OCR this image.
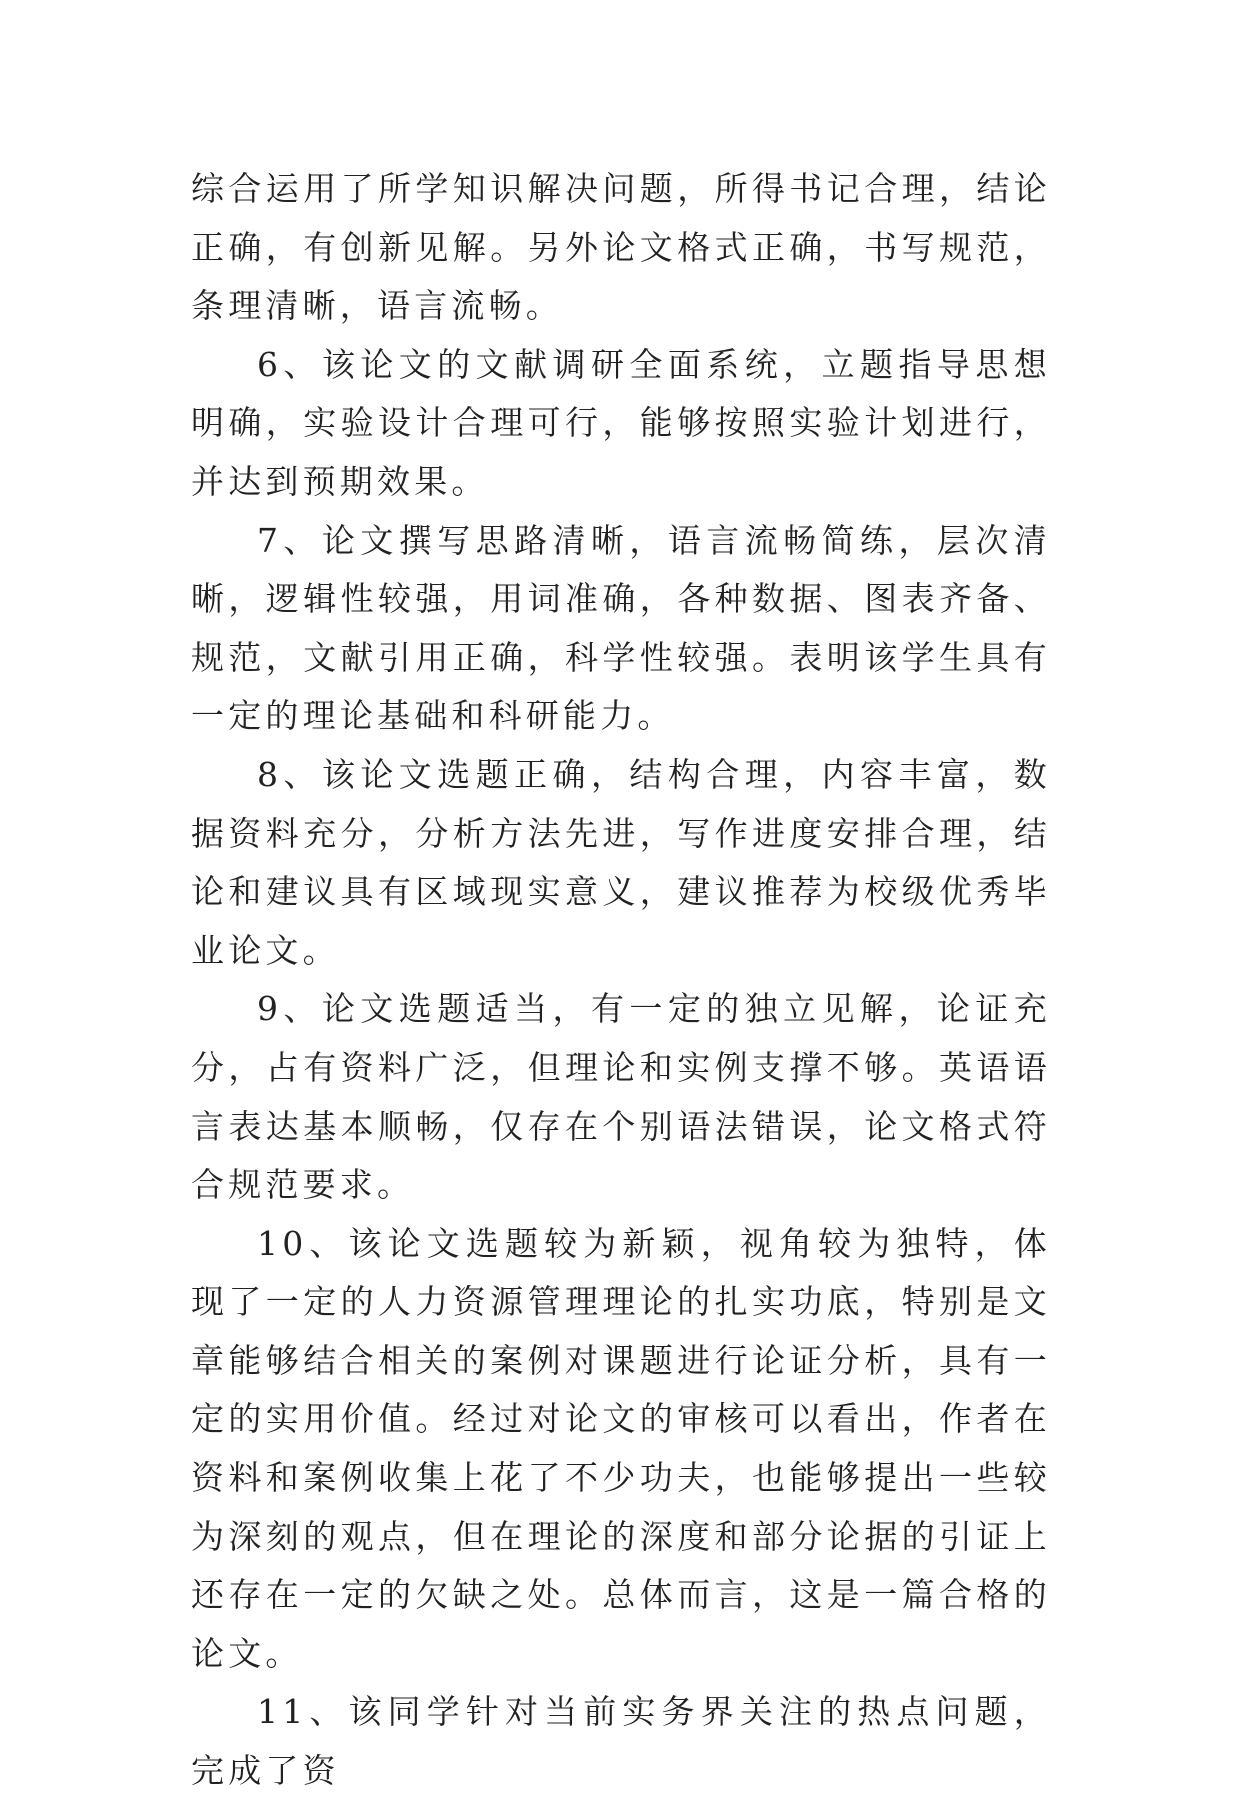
综合运用了所学知识解决问题，所得书记合理，结论正确，有创新见解。另外论文格式正确，书写规范，条理清晰，语言流畅。

6、该论文的文献调研全面系统，立题指导思想明确，实验设计合理可行，能够按照实验计划进行，并达到预期效果。

7、论文撰写思路清晰，语言流畅简练，层次清晰，逻辑性较强，用词准确，各种数据、图表齐备、规范，文献引用正确，科学性较强。表明该学生具有一定的理论基础和科研能力。

8、该论文选题正确，结构合理，内容丰富，数据资料充分，分析方法先进，写作进度安排合理，结论和建议具有区域现实意义，建议推荐为校级优秀毕业论文。

9、论文选题适当，有一定的独立见解，论证充分，占有资料广泛，但理论和实例支撑不够。英语语言表达基本顺畅，仅存在个别语法错误，论文格式符合规范要求。

10、该论文选题较为新颖，视角较为独特，体现了一定的人力资源管理理论的扎实功底，特别是文章能够结合相关的案例对课题进行论证分析，具有一定的实用价值。经过对论文的审核可以看出，作者在资料和案例收集上花了不少功夫，也能够提出一些较为深刻的观点，但在理论的深度和部分论据的引证上还存在一定的欠缺之处。总体而言，这是一篇合格的论文。

11、该同学针对当前实务界关注的热点问题，完成了资
